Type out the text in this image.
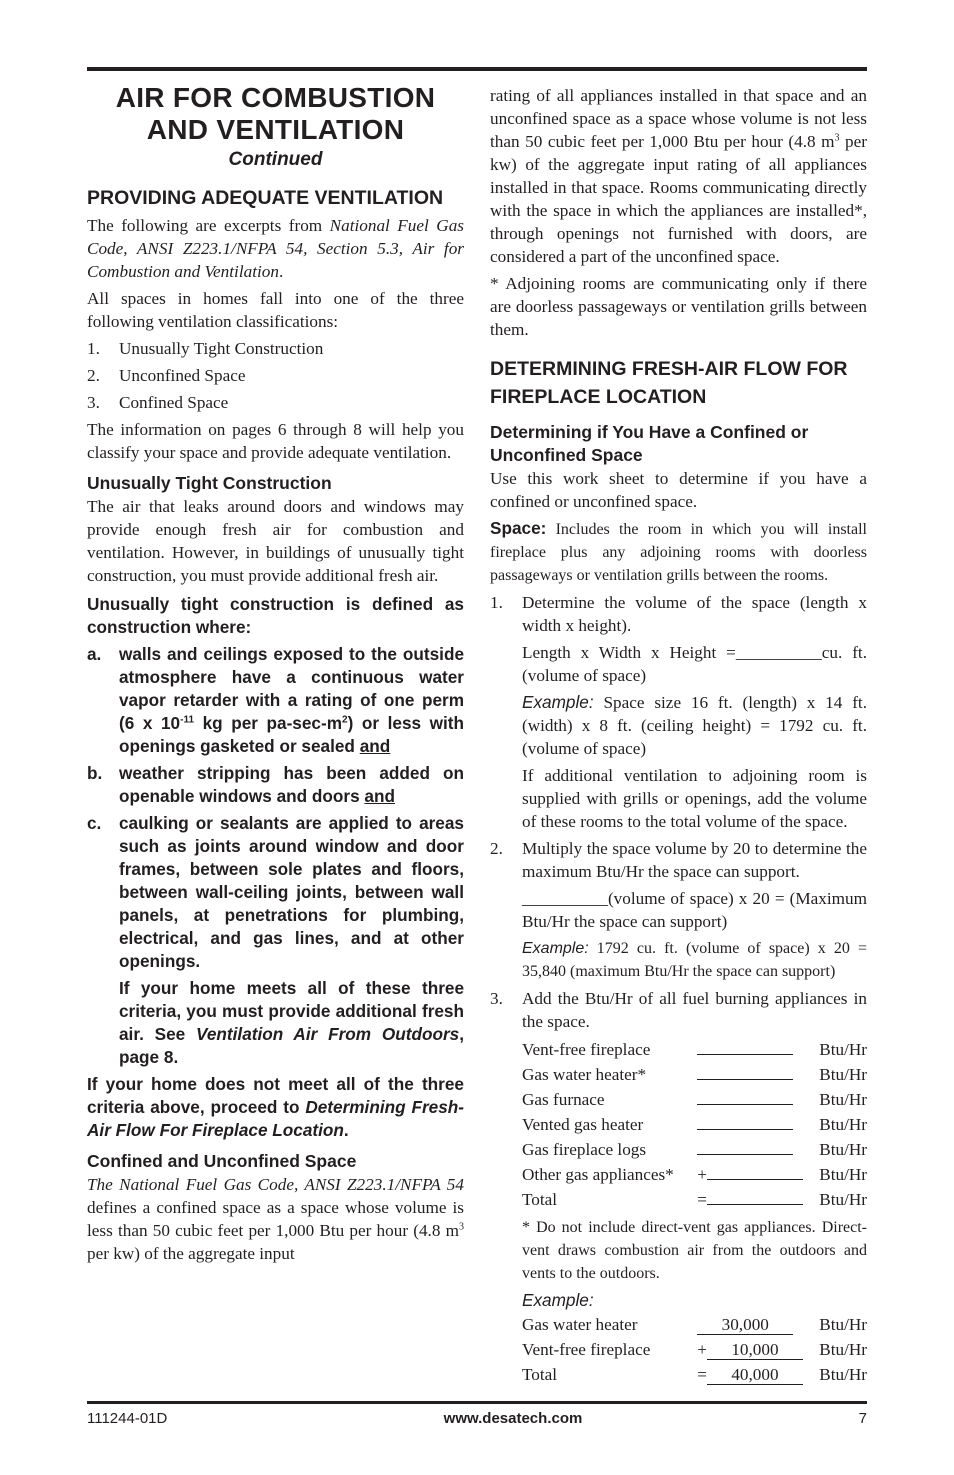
AIR FOR COMBUSTION
AND VENTILATION
Continued
PROVIDING ADEQUATE VENTILATION

The following are excerpts from National Fuel Gas Code, ANSI Z223.1/NFPA 54, Section 5.3, Air for Combustion and Ventilation.

All spaces in homes fall into one of the three following ventilation classifications:

1.	Unusually Tight Construction
2.	Unconfined Space
3.	Confined Space

The information on pages 6 through 8 will help you classify your space and provide adequate ventilation.

Unusually Tight Construction

The air that leaks around doors and windows may provide enough fresh air for combustion and ventilation. However, in buildings of unusually tight construction, you must provide additional fresh air.

Unusually tight construction is defined as construction where:

a.	walls and ceilings exposed to the outside atmosphere have a continuous water vapor retarder with a rating of one perm (6 x $10^{-11}$ kg per $pa-\sec-m^2$) or less with openings gasketed or sealed and
b. weather stripping has been added on openable windows and doors and
c.	caulking or sealants are applied to areas such as joints around window and door frames, between sole plates and floors, between wall-ceiling joints, between wall panels, at penetrations for plumbing, electrical, and gas lines, and at other openings.

If your home meets all of these three criteria, you must provide additional fresh air. See Ventilation Air From Outdoors, page 8.

If your home does not meet all of the three criteria above, proceed to Determining Fresh-Air Flow For Fireplace Location.

Confined and Unconfined Space

The National Fuel Gas Code, ANSI Z223.1/NFPA 54 defines a confined space as a space whose volume is less than 50 cubic feet per 1,000 Btu per hour (4.8 $m^3$ per kw) of the aggregate input

rating of all appliances installed in that space and an unconfined space as a space whose volume is not less than 50 cubic feet per 1,000 Btu per hour (4.8 $m^3$ per kw) of the aggregate input rating of all appliances installed in that space. Rooms communicating directly with the space in which the appliances are installed*, through openings not furnished with doors, are considered a part of the unconfined space.

* Adjoining rooms are communicating only if there are doorless passageways or ventilation grills between them.

DETERMINING FRESH-AIR FLOW FOR FIREPLACE LOCATION
Determining if You Have a Confined or Unconfined Space

Use this work sheet to determine if you have a confined or unconfined space.

Space: Includes the room in which you will install fireplace plus any adjoining rooms with doorless passageways or ventilation grills between the rooms.

1.	Determine the volume of the space (length x width x height).

Length x Width x Height =__________cu. ft. (volume of space)

Example: Space size 16 ft. (length) x 14 ft. (width) x 8 ft. (ceiling height) = 1792 cu. ft. (volume of space)

If additional ventilation to adjoining room is supplied with grills or openings, add the volume of these rooms to the total volume of the space.

2.	Multiply the space volume by 20 to determine the maximum Btu/Hr the space can support.

__________(volume of space) x 20 = (Maximum Btu/Hr the space can support)

Example: 1792 cu. ft. (volume of space) x 20 = 35,840 (maximum Btu/Hr the space can support)

3.	Add the Btu/Hr of all fuel burning appliances in the space.
Vent-free fireplace	Btu/Hr
Gas water heater*	Btu/Hr
Gas furnace	Btu/Hr
Vented gas heater	Btu/Hr
Gas fireplace logs	Btu/Hr
Other gas appliances*	+	Btu/Hr
Total	=	Btu/Hr

* Do not include direct-vent gas appliances. Direct-vent draws combustion air from the outdoors and vents to the outdoors.

Example:
Gas water heater	30,000	Btu/Hr
Vent-free fireplace	+ 10,000	Btu/Hr
Total	= 40,000	Btu/Hr
111244-01D	www.desatech.com	7
